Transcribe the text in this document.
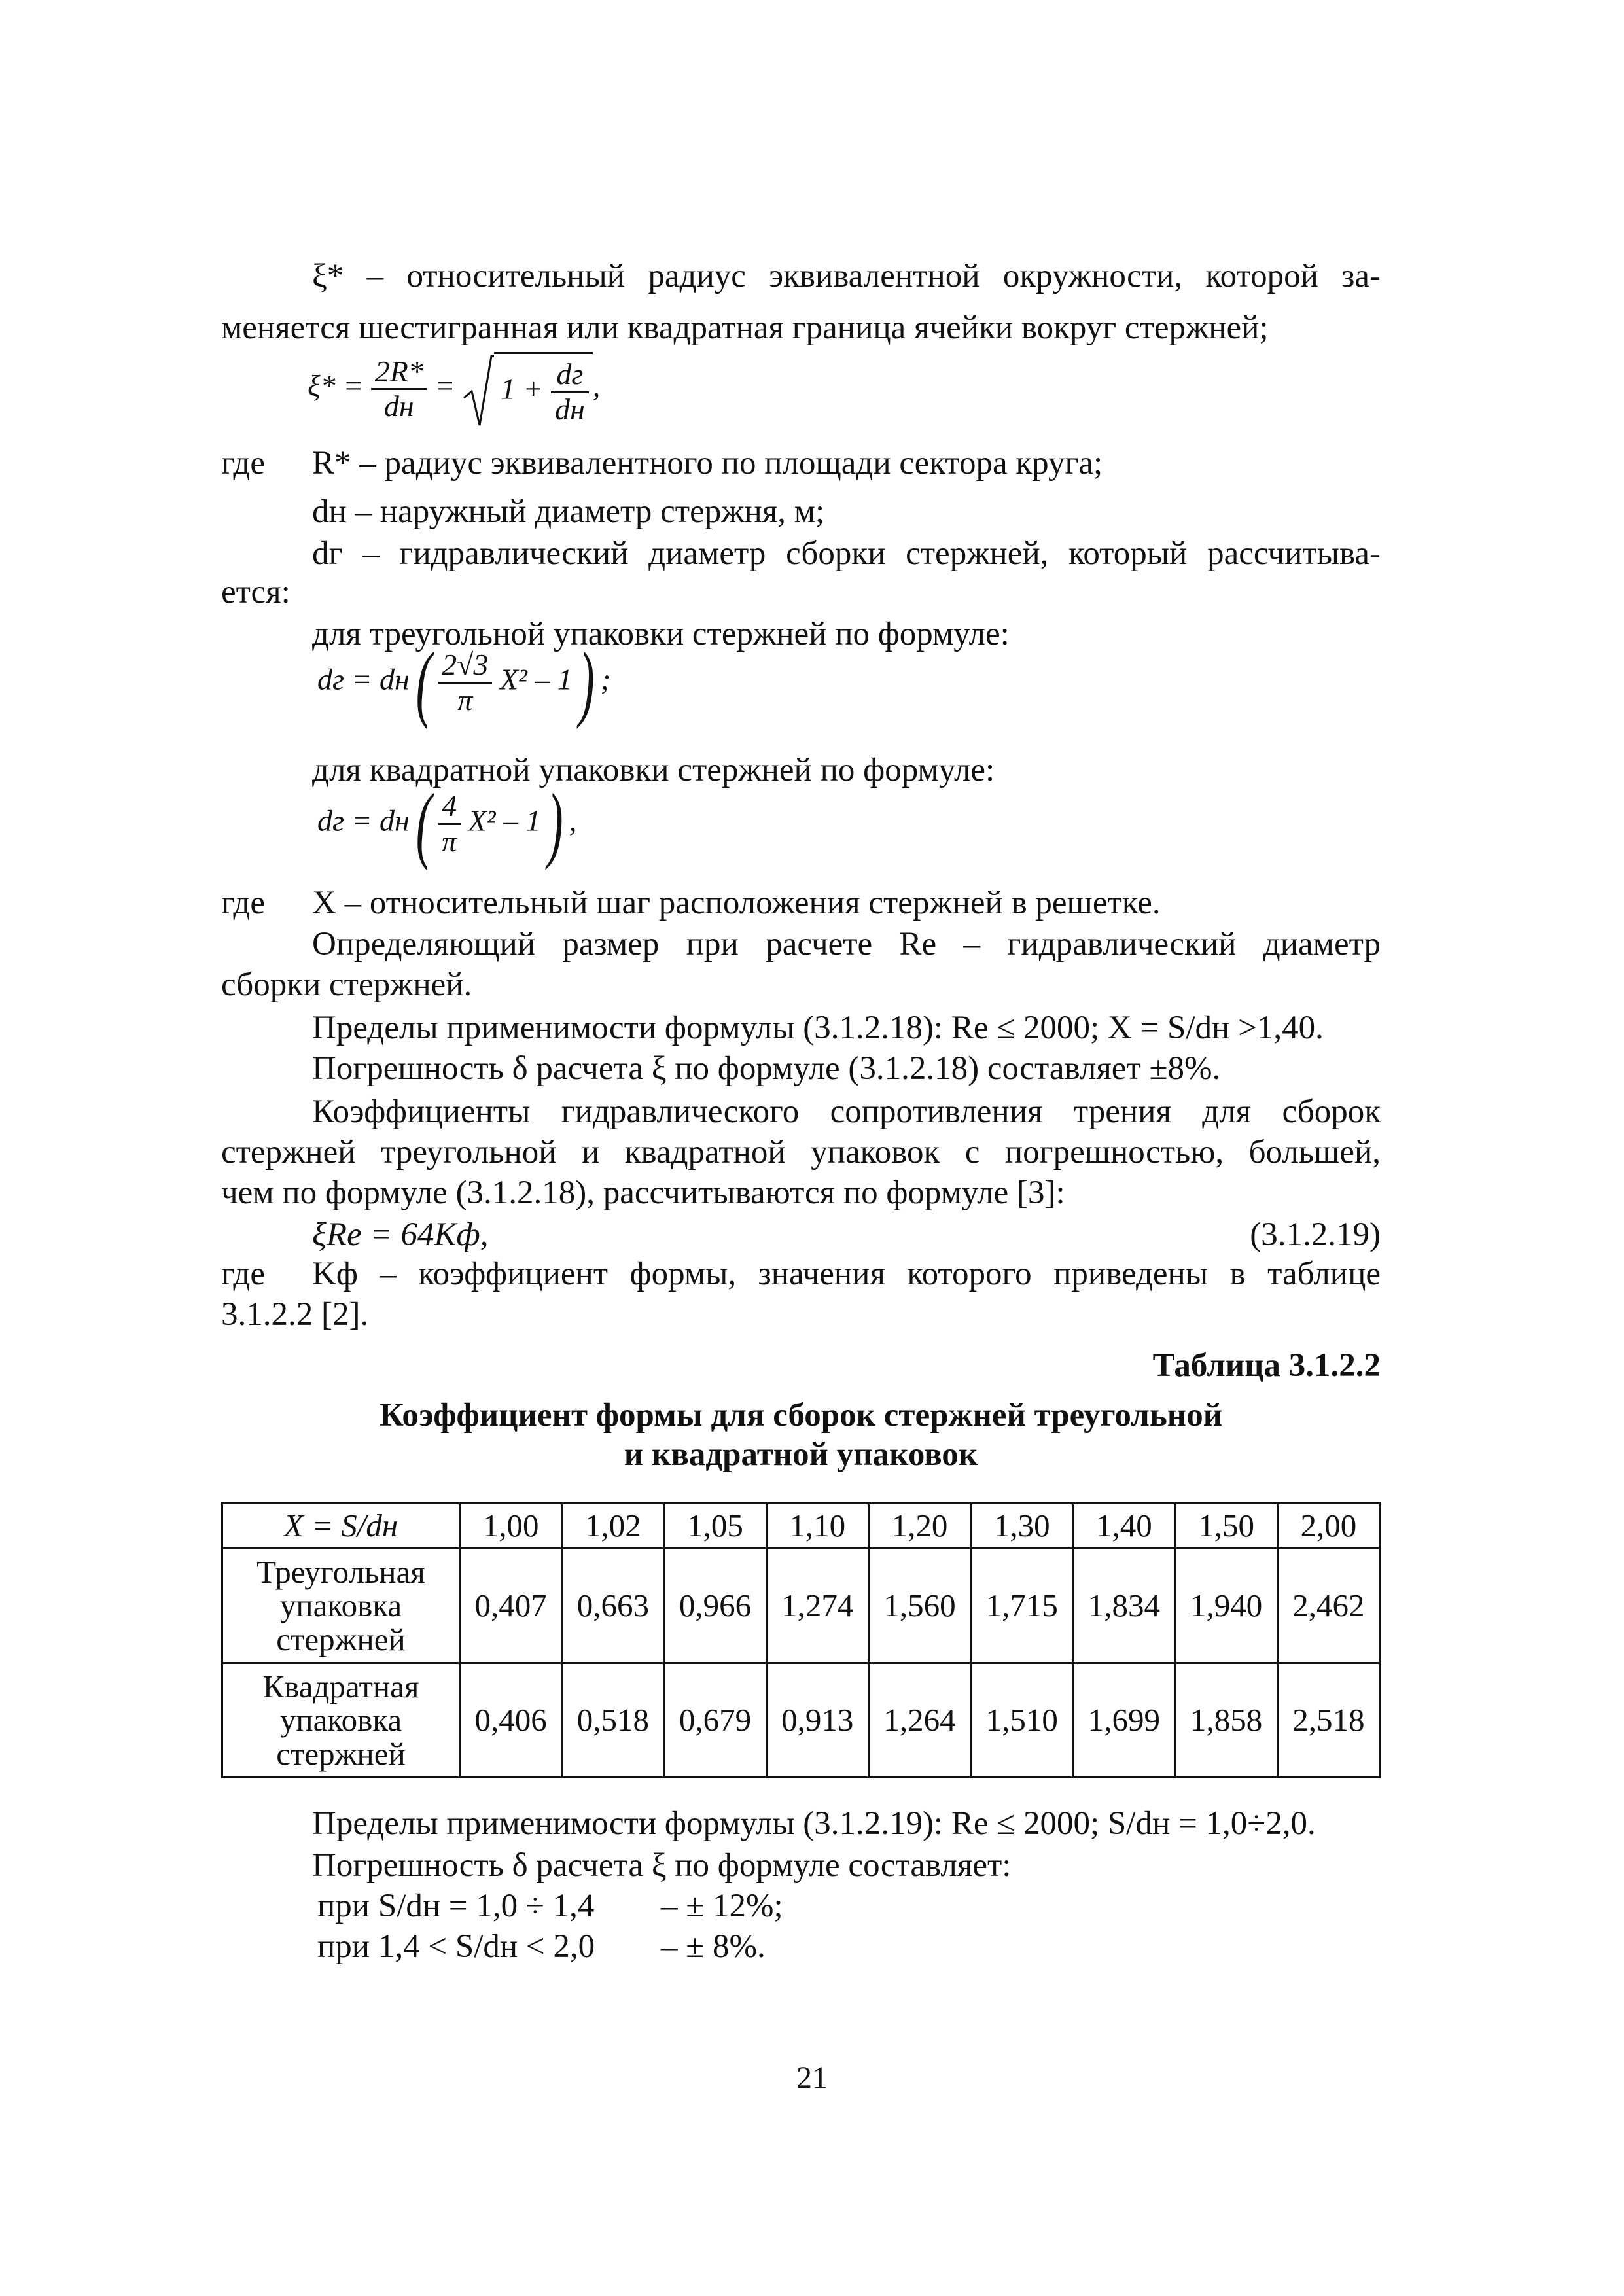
ξ* – относительный радиус эквивалентной окружности, которой за-
меняется шестигранная или квадратная граница ячейки вокруг стержней;
$\xi* = \frac{2R*}{dн} = 1 + \frac{dг}{dн}$ ,
где R* – радиус эквивалентного по площади сектора круга;
dн – наружный диаметр стержня, м;
dг – гидравлический диаметр сборки стержней, который рассчитыва-
ется:
для треугольной упаковки стержней по формуле:
dг = $dн( \frac{2√3}{\pi} X^2 - 1)$ ;
для квадратной упаковки стержней по формуле:
dг = $dн( \frac{4}{\pi} X^2 - 1)$ ,
где X – относительный шаг расположения стержней в решетке.
Определяющий размер при расчете Re – гидравлический диаметр
сборки стержней.
Пределы применимости формулы (3.1.2.18): Re ≤ 2000; X = S/dн >1,40.
Погрешность δ расчета ξ по формуле (3.1.2.18) составляет ±8%.
Коэффициенты гидравлического сопротивления трения для сборок
стержней треугольной и квадратной упаковок с погрешностью, большей,
чем по формуле (3.1.2.18), рассчитываются по формуле [3]:
ξRe = 64Kф,	(3.1.2.19)
где Kф – коэффициент формы, значения которого приведены в таблице
3.1.2.2 [2].
Таблица 3.1.2.2
Коэффициент формы для сборок стержней треугольной
и квадратной упаковок
X = S/dн	1,00	1,02	1,05	1,10	1,20	1,30	1,40	1,50	2,00
Треугольная
упаковка
стержней	0,407	0,663	0,966	1,274	1,560	1,715	1,834	1,940	2,462
Квадратная
упаковка
стержней	0,406	0,518	0,679	0,913	1,264	1,510	1,699	1,858	2,518
Пределы применимости формулы (3.1.2.19): Re ≤ 2000; S/dн = 1,0÷2,0.
Погрешность δ расчета ξ по формуле составляет:
при S/dн = 1,0 ÷ 1,4 – ± 12%;
при 1,4 < S/dн < 2,0 – ± 8%.
21
